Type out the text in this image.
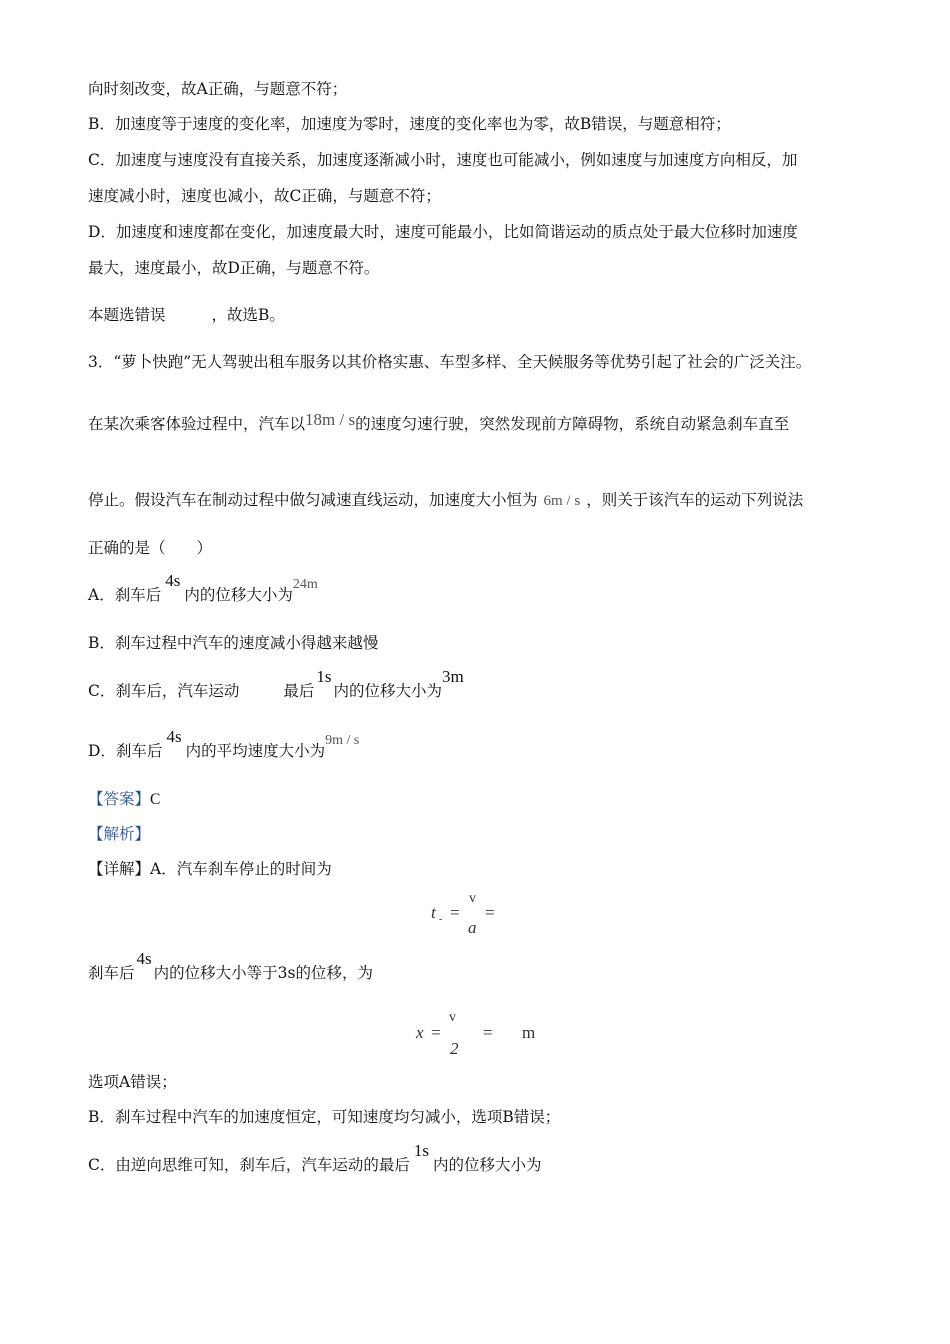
向时刻改变，故A正确，与题意不符；
B．加速度等于速度的变化率，加速度为零时，速度的变化率也为零，故B错误，与题意相符；
C．加速度与速度没有直接关系，加速度逐渐减小时，速度也可能减小，例如速度与加速度方向相反，加
速度减小时，速度也减小，故C正确，与题意不符；
D．加速度和速度都在变化，加速度最大时，速度可能最小，比如简谐运动的质点处于最大位移时加速度
最大，速度最小，故D正确，与题意不符。
本题选错误	，故选B。
3．“萝卜快跑”无人驾驶出租车服务以其价格实惠、车型多样、全天候服务等优势引起了社会的广泛关注。
在某次乘客体验过程中，汽车以18m / s的速度匀速行驶，突然发现前方障碍物，系统自动紧急刹车直至
停止。假设汽车在制动过程中做匀减速直线运动，加速度大小恒为 6m / s ，则关于该汽车的运动下列说法
正确的是（　　）
A．刹车后4s内的位移大小为24m
B．刹车过程中汽车的速度减小得越来越慢
C．刹车后，汽车运动	最后1s内的位移大小为3m
D．刹车后4s内的平均速度大小为9m / s
【答案】C
【解析】
【详解】A．汽车刹车停止的时间为
t - =
v
a
=
刹车后4s内的位移大小等于3s的位移，为
x =
v
2
= m
选项A错误；
B．刹车过程中汽车的加速度恒定，可知速度均匀减小，选项B错误；
C．由逆向思维可知，刹车后，汽车运动的最后1s内的位移大小为
